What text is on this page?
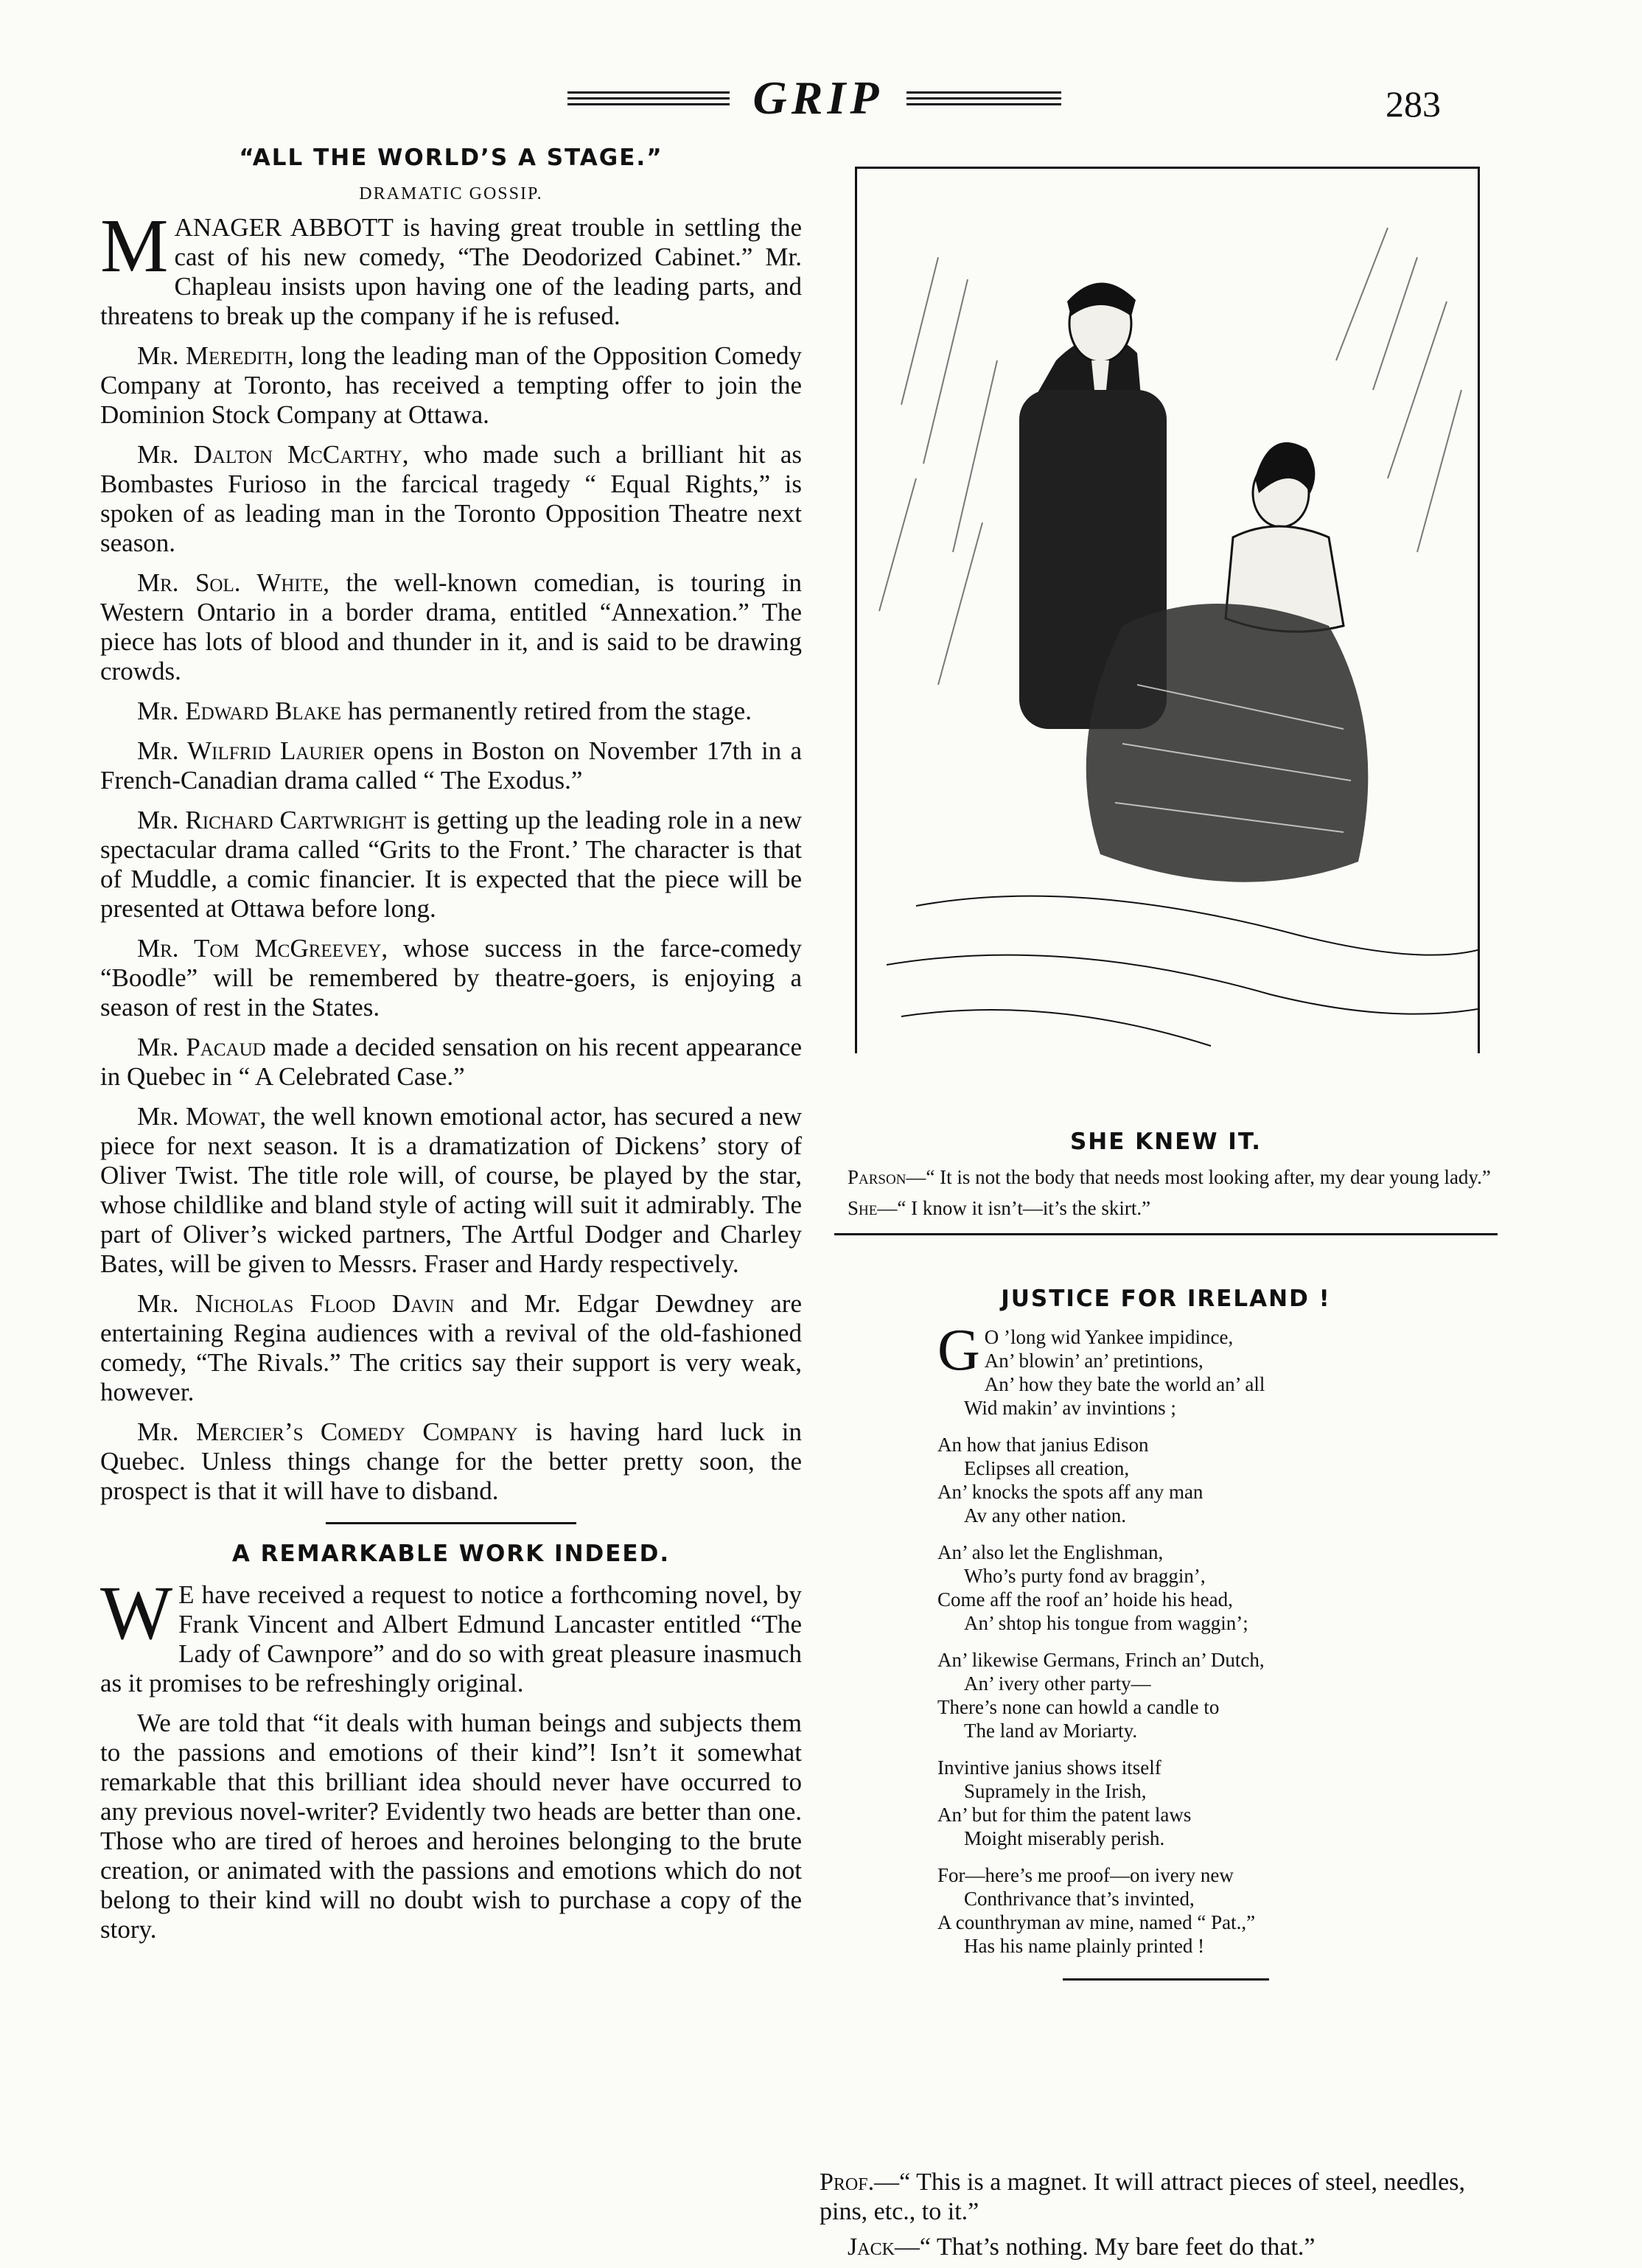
GRIP	283
“ALL THE WORLD’S A STAGE.”
DRAMATIC GOSSIP.

MANAGER ABBOTT is having great trouble in settling the cast of his new comedy, “The Deodorized Cabinet.” Mr. Chapleau insists upon having one of the leading parts, and threatens to break up the company if he is refused.

Mr. Meredith, long the leading man of the Opposition Comedy Company at Toronto, has received a tempting offer to join the Dominion Stock Company at Ottawa.

Mr. Dalton McCarthy, who made such a brilliant hit as Bombastes Furioso in the farcical tragedy “ Equal Rights,” is spoken of as leading man in the Toronto Opposition Theatre next season.

Mr. Sol. White, the well-known comedian, is touring in Western Ontario in a border drama, entitled “Annexation.” The piece has lots of blood and thunder in it, and is said to be drawing crowds.

Mr. Edward Blake has permanently retired from the stage.

Mr. Wilfrid Laurier opens in Boston on November 17th in a French-Canadian drama called “ The Exodus.”

Mr. Richard Cartwright is getting up the leading role in a new spectacular drama called “Grits to the Front.’ The character is that of Muddle, a comic financier. It is expected that the piece will be presented at Ottawa before long.

Mr. Tom McGreevey, whose success in the farce-comedy “Boodle” will be remembered by theatre-goers, is enjoying a season of rest in the States.

Mr. Pacaud made a decided sensation on his recent appearance in Quebec in “ A Celebrated Case.”

Mr. Mowat, the well known emotional actor, has secured a new piece for next season. It is a dramatization of Dickens’ story of Oliver Twist. The title role will, of course, be played by the star, whose childlike and bland style of acting will suit it admirably. The part of Oliver’s wicked partners, The Artful Dodger and Charley Bates, will be given to Messrs. Fraser and Hardy respectively.

Mr. Nicholas Flood Davin and Mr. Edgar Dewdney are entertaining Regina audiences with a revival of the old-fashioned comedy, “The Rivals.” The critics say their support is very weak, however.

Mr. Mercier’s Comedy Company is having hard luck in Quebec. Unless things change for the better pretty soon, the prospect is that it will have to disband.

A REMARKABLE WORK INDEED.

W E have received a request to notice a forthcoming novel, by Frank Vincent and Albert Edmund Lancaster entitled “The Lady of Cawnpore” and do so with great pleasure inasmuch as it promises to be refreshingly original.

We are told that “it deals with human beings and subjects them to the passions and emotions of their kind”! Isn’t it somewhat remarkable that this brilliant idea should never have occurred to any previous novel-writer? Evidently two heads are better than one. Those who are tired of heroes and heroines belonging to the brute creation, or animated with the passions and emotions which do not belong to their kind will no doubt wish to purchase a copy of the story.

SHE KNEW IT.

Parson—“ It is not the body that needs most looking after, my dear young lady.”

She—“ I know it isn’t—it’s the skirt.”

JUSTICE FOR IRELAND !
G O ’long wid Yankee impidince,
An’ blowin’ an’ pretintions,
An’ how they bate the world an’ all
Wid makin’ av invintions ;
An how that janius Edison
Eclipses all creation,
An’ knocks the spots aff any man
Av any other nation.
An’ also let the Englishman,
Who’s purty fond av braggin’,
Come aff the roof an’ hoide his head,
An’ shtop his tongue from waggin’;
An’ likewise Germans, Frinch an’ Dutch,
An’ ivery other party—
There’s none can howld a candle to
The land av Moriarty.
Invintive janius shows itself
Supramely in the Irish,
An’ but for thim the patent laws
Moight miserably perish.
For—here’s me proof—on ivery new
Conthrivance that’s invinted,
A counthryman av mine, named “ Pat.,”
Has his name plainly printed !

Prof.—“ This is a magnet. It will attract pieces of steel, needles, pins, etc., to it.”

Jack—“ That’s nothing. My bare feet do that.”
